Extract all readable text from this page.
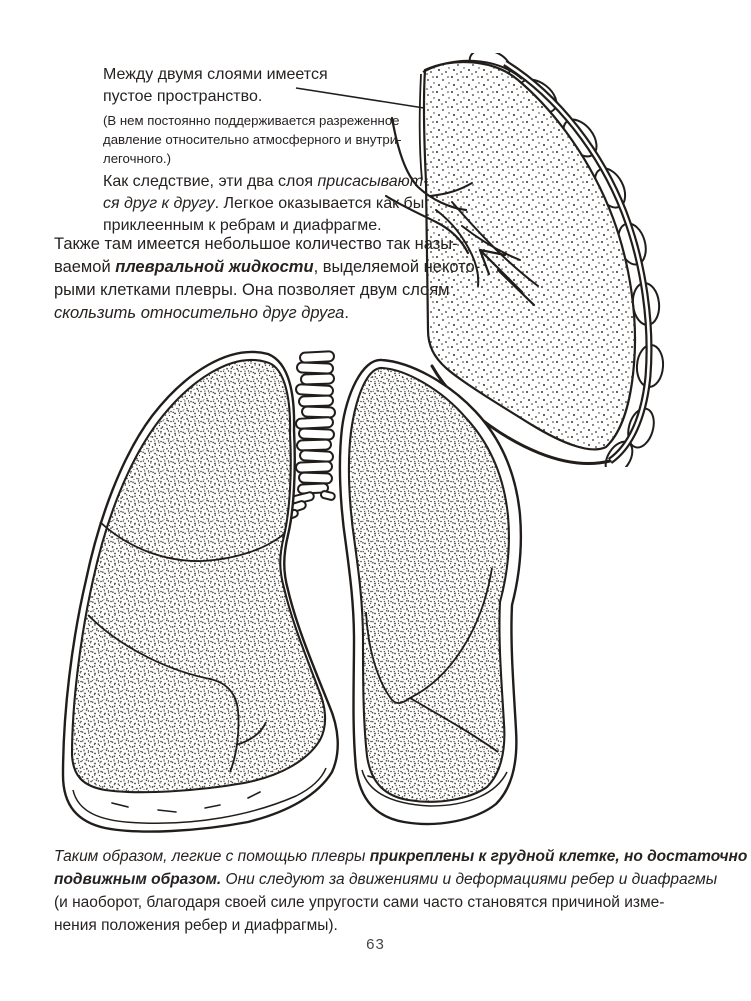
Между двумя слоями имеется
пустое пространство.
(В нем постоянно поддерживается разреженное
давление относительно атмосферного и внутри-
легочного.)
Как следствие, эти два слоя присасывают-
ся друг к другу. Легкое оказывается как бы
приклеенным к ребрам и диафрагме.
Также там имеется небольшое количество так назы-
ваемой плевральной жидкости, выделяемой некото-
рыми клетками плевры. Она позволяет двум слоям
скользить относительно друг друга.
Таким образом, легкие с помощью плевры прикреплены к грудной клетке, но достаточно
подвижным образом. Они следуют за движениями и деформациями ребер и диафрагмы
(и наоборот, благодаря своей силе упругости сами часто становятся причиной изме-
нения положения ребер и диафрагмы).
63
